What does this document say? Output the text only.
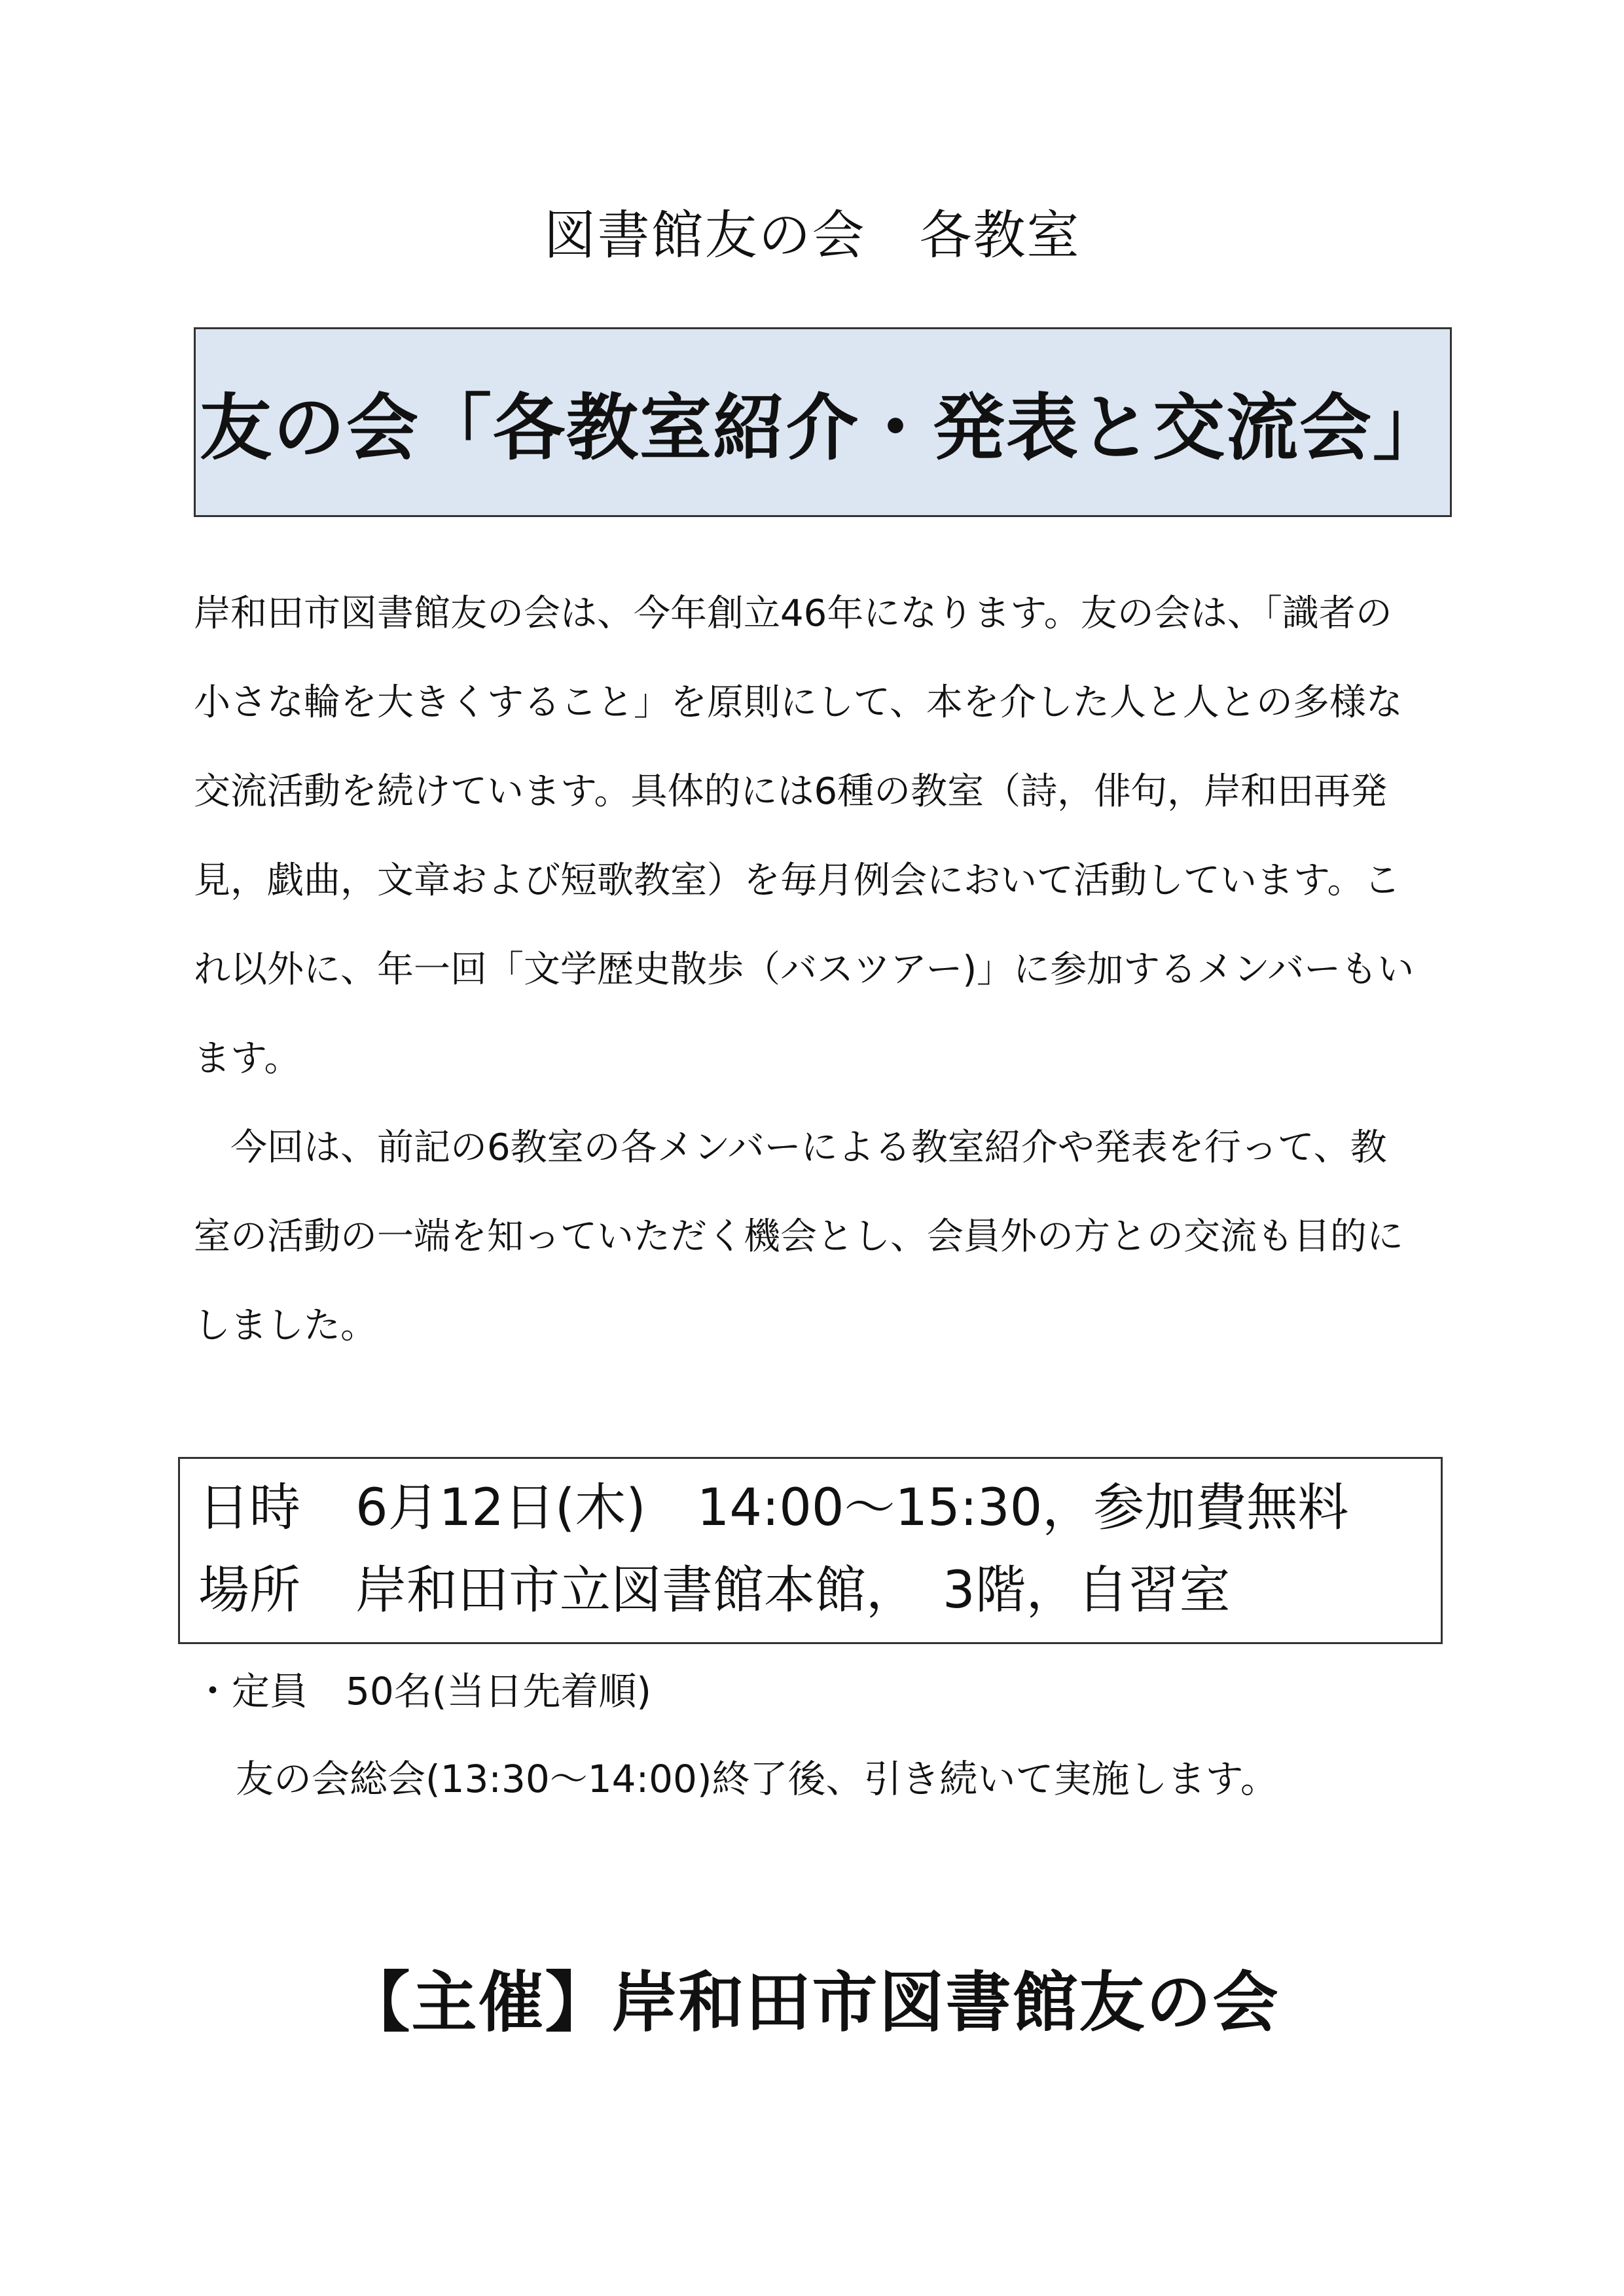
図書館友の会　各教室
友の会「各教室紹介・発表と交流会」

岸和田市図書館友の会は、今年創立46年になります。友の会は、「識者の
小さな輪を大きくすること」を原則にして、本を介した人と人との多様な
交流活動を続けています。具体的には6種の教室（詩，俳句，岸和田再発
見，戯曲，文章および短歌教室）を毎月例会において活動しています。こ
れ以外に、年一回「文学歴史散歩（バスツアー)」に参加するメンバーもい
ます。

今回は、前記の6教室の各メンバーによる教室紹介や発表を行って、教
室の活動の一端を知っていただく機会とし、会員外の方との交流も目的に
しました。

日時	6月12日(木)　14:00～15:30，参加費無料
場所	岸和田市立図書館本館，　3階，自習室
・定員　50名(当日先着順)
友の会総会(13:30～14:00)終了後、引き続いて実施します。
【主催】岸和田市図書館友の会
